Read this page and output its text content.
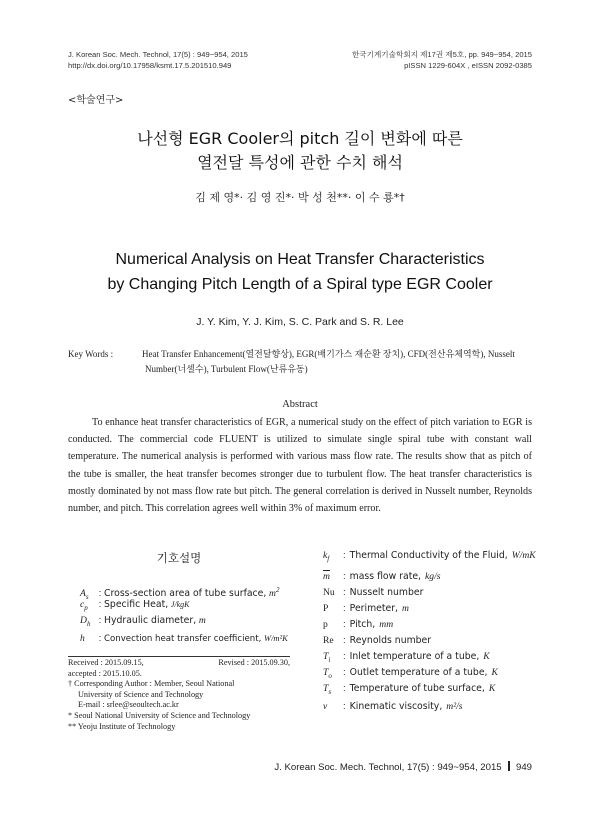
J. Korean Soc. Mech. Technol, 17(5) : 949~954, 2015
http://dx.doi.org/10.17958/ksmt.17.5.201510.949
한국기계기술학회지 제17권 제5호, pp. 949~954, 2015
pISSN 1229-604X , eISSN 2092-0385
<학술연구>
나선형 EGR Cooler의 pitch 길이 변화에 따른
열전달 특성에 관한 수치 해석
김 제 영*· 김 영 진*· 박 성 천**· 이 수 룡*†
Numerical Analysis on Heat Transfer Characteristics
by Changing Pitch Length of a Spiral type EGR Cooler
J. Y. Kim, Y. J. Kim, S. C. Park and S. R. Lee
Key Words :	Heat Transfer Enhancement(열전달향상), EGR(배기가스 재순환 장치), CFD(전산유체역학), Nusselt
Number(너셀수), Turbulent Flow(난류유동)
Abstract
To enhance heat transfer characteristics of EGR, a numerical study on the effect of pitch variation to EGR is conducted. The commercial code FLUENT is utilized to simulate single spiral tube with constant wall temperature. The numerical analysis is performed with various mass flow rate. The results show that as pitch of the tube is smaller, the heat transfer becomes stronger due to turbulent flow. The heat transfer characteristics is mostly dominated by not mass flow rate but pitch. The general correlation is derived in Nusselt number, Reynolds number, and pitch. This correlation agrees well within 3% of maximum error.
기호설명
$A_s$ : Cross-section area of tube surface, $m^2$
$c_p$ : Specific Heat, J/kgK
$D_h$ : Hydraulic diameter, m
h : Convection heat transfer coefficient, W/m²K
$k_f$ : Thermal Conductivity of the Fluid, W/mK
$\overline{m}$ : mass flow rate, kg/s
Nu : Nusselt number
P : Perimeter, m
p : Pitch, mm
Re : Reynolds number
$T_i$ : Inlet temperature of a tube, K
$T_o$ : Outlet temperature of a tube, K
$T_s$ : Temperature of tube surface, K
ν : Kinematic viscosity, m²/s
Received : 2015.09.15,	Revised : 2015.09.30,
accepted : 2015.10.05.
† Corresponding Author : Member, Seoul National
University of Science and Technology
E-mail : srlee@seoultech.ac.kr
* Seoul National University of Science and Technology
** Yeoju Institute of Technology
J. Korean Soc. Mech. Technol, 17(5) : 949~954, 2015 949
